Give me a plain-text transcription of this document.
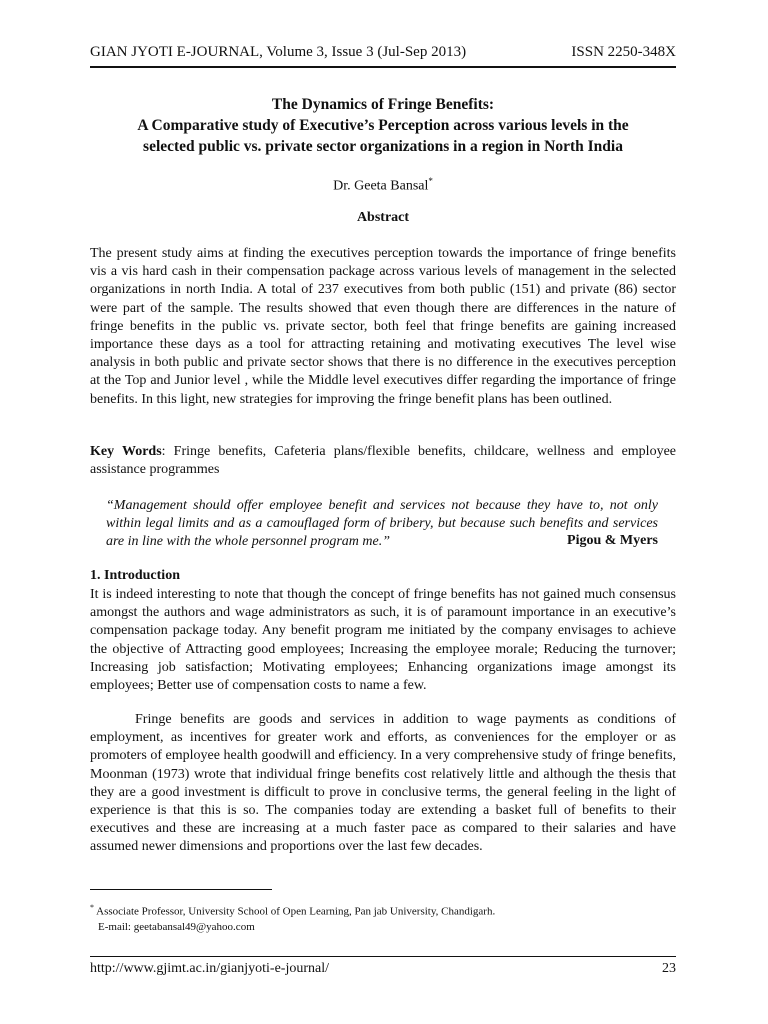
GIAN JYOTI E-JOURNAL, Volume 3, Issue 3 (Jul-Sep 2013)	ISSN 2250-348X
The Dynamics of Fringe Benefits:
A Comparative study of Executive’s Perception across various levels in the
selected public vs. private sector organizations in a region in North India
Dr. Geeta Bansal*
Abstract

The present study aims at finding the executives perception towards the importance of fringe benefits vis a vis hard cash in their compensation package across various levels of management in the selected organizations in north India. A total of 237 executives from both public (151) and private (86) sector were part of the sample. The results showed that even though there are differences in the nature of fringe benefits in the public vs. private sector, both feel that fringe benefits are gaining increased importance these days as a tool for attracting retaining and motivating executives The level wise analysis in both public and private sector shows that there is no difference in the executives perception at the Top and Junior level , while the Middle level executives differ regarding the importance of fringe benefits. In this light, new strategies for improving the fringe benefit plans has been outlined.

Key Words: Fringe benefits, Cafeteria plans/flexible benefits, childcare, wellness and employee assistance programmes

“Management should offer employee benefit and services not because they have to, not only within legal limits and as a camouflaged form of bribery, but because such benefits and services are in line with the whole personnel program me.”	Pigou & Myers
1. Introduction

It is indeed interesting to note that though the concept of fringe benefits has not gained much consensus amongst the authors and wage administrators as such, it is of paramount importance in an executive’s compensation package today. Any benefit program me initiated by the company envisages to achieve the objective of Attracting good employees; Increasing the employee morale; Reducing the turnover; Increasing job satisfaction; Motivating employees; Enhancing organizations image amongst its employees; Better use of compensation costs to name a few.

Fringe benefits are goods and services in addition to wage payments as conditions of employment, as incentives for greater work and efforts, as conveniences for the employer or as promoters of employee health goodwill and efficiency. In a very comprehensive study of fringe benefits, Moonman (1973) wrote that individual fringe benefits cost relatively little and although the thesis that they are a good investment is difficult to prove in conclusive terms, the general feeling in the light of experience is that this is so. The companies today are extending a basket full of benefits to their executives and these are increasing at a much faster pace as compared to their salaries and have assumed newer dimensions and proportions over the last few decades.

* Associate Professor, University School of Open Learning, Pan jab University, Chandigarh.
E-mail: geetabansal49@yahoo.com
http://www.gjimt.ac.in/gianjyoti-e-journal/	23
